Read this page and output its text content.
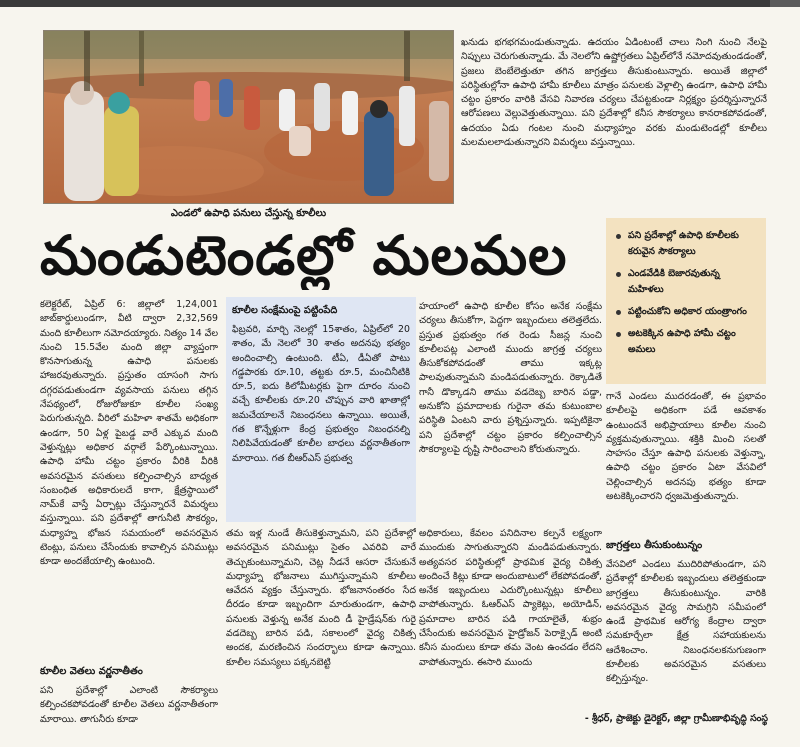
ఎండలో ఉపాధి పనులు చేస్తున్న కూలీలు

ఖనుడు భగభగమండుతున్నాడు. ఉదయం ఏడింటంటే చాలు నింగి నుంచి నేలపై నిప్పులు చెరుగుతున్నాడు. మే నెలలోని ఉష్ణోగ్రతలు ఏప్రిల్‌లోనే నమోదవుతుండడంతో, ప్రజలు బెంబేలెత్తుతూ తగిన జాగ్రత్తలు తీసుకుంటున్నారు. అయితే జిల్లాలో పరిస్థితుల్లోనా ఉపాధి హామీ కూలీలు మాత్రం పనులకు వెళ్లాల్సి ఉండగా, ఉపాధి హామీ చట్టం ప్రకారం వారికి వేసవి నివారణ చర్యలు చేపట్టకుండా నిర్లక్ష్యం ప్రదర్శిస్తున్నారనే ఆరోపణలు వెల్లువెత్తుతున్నాయి. పని ప్రదేశాల్లో కనీస సౌకర్యాలు కానరాకపోవడంతో, ఉదయం ఏడు గంటల నుంచి మధ్యాహ్నం వరకు మండుటెండల్లో కూలీలు మలమలలాడుతున్నారని విమర్శలు వస్తున్నాయి.

మండుటెండల్లో మలమల	పని ప్రదేశాల్లో ఉపాధి కూలీలకు కరువైన సౌకర్యాలు
ఎండవేడికి బెజారవుతున్న మహిళలు
పట్టించుకోని అధికార యంత్రాంగం
అటకెక్కిన ఉపాధి హామీ చట్టం అమలు

కలెక్టరేట్, ఏప్రిల్ 6: జిల్లాలో 1,24,001 జాబ్‌కార్డులుండగా, వీటి ద్వారా 2,32,569 మంది కూలీలుగా నమోదయ్యారు. నిత్యం 14 వేల నుంచి 15.5వేల మంది జిల్లా వ్యాప్తంగా కొనసాగుతున్న ఉపాధి పనులకు హాజరవుతున్నారు. ప్రస్తుతం యాసంగి సాగు దగ్గరపడుతుండగా వ్యవసాయ పనులు తగ్గిన నేపథ్యంలో, రోజురోజుకూ కూలీల సంఖ్య పెరుగుతున్నది. వీరిలో మహిళా శాతమే అధికంగా ఉండగా, 50 ఏళ్ల పైబడ్డ వారే ఎక్కువ మంది వెళ్తున్నట్లు అధికార వర్గాలే పేర్కొంటున్నాయి. ఉపాధి హామీ చట్టం ప్రకారం వీరికి వీరికి అవసరమైన వసతులు కల్పించాల్సిన బాధ్యత సంబంధిత అధికారులదే కాగా, క్షేత్రస్థాయిలో నామ్‌కే వాస్తే ఏర్పాట్లు చేస్తున్నారనే విమర్శలు వస్తున్నాయి. పని ప్రదేశాల్లో తాగునీటి సౌకర్యం, మధ్యాహ్న భోజన సమయంలో అవసరమైన టెంట్లు, పనులు చేసేందుకు కావాల్సిన పనిముట్లు కూడా అందజేయాల్సి ఉంటుంది.

కూలీల వెతలు వర్ణనాతీతం

పని ప్రదేశాల్లో ఎలాంటి సౌకర్యాలు కల్పించకపోవడంతో కూలీల వెతలు వర్ణనాతీతంగా మారాయి. తాగునీరు కూడా

కూలీల సంక్షేమంపై పట్టింపేది

ఫిబ్రవరి, మార్చి నెలల్లో 15శాతం, ఏప్రిల్‌లో 20 శాతం, మే నెలలో 30 శాతం అదనపు భత్యం అందించాల్సి ఉంటుంది. టీఏ, డీఏతో పాటు గడ్డపారకు రూ.10, తట్టకు రూ.5, మంచినీటికి రూ.5, ఐదు కిలోమీటర్లకు పైగా దూరం నుంచి వచ్చే కూలీలకు రూ.20 చొప్పున వారి ఖాతాల్లో జమచేయాలనే నిబంధనలు ఉన్నాయి. అయితే, గత కొన్నేళ్లుగా కేంద్ర ప్రభుత్వం నిబంధనల్ని నిలిపివేయడంతో కూలీల బాధలు వర్ణనాతీతంగా మారాయి. గత బీఆర్ఎస్ ప్రభుత్వ

తమ ఇళ్ల నుండే తీసుకెళ్తున్నామని, పని ప్రదేశాల్లో అవసరమైన పనిముట్లు సైతం ఎవరివి వారే తెచ్చుకుంటున్నామని, చెట్ల నీడనే ఆసరా చేసుకునే మధ్యాహ్న భోజనాలు ముగిస్తున్నామని కూలీలు ఆవేదన వ్యక్తం చేస్తున్నారు. భోజనానంతరం సేద దీరడం కూడా ఇబ్బందిగా మారుతుండగా, ఉపాధి పనులకు వెళ్తున్న అనేక మంది డీ హైడ్రేషన్‌కు గురై వడదెబ్బ బారిన పడి, సకాలంలో వైద్య చికిత్స అందక, మరణించిన సందర్భాలు కూడా ఉన్నాయి. కూలీల సమస్యలు పక్కనబెట్టి

హయాంలో ఉపాధి కూలీల కోసం అనేక సంక్షేమ చర్యలు తీసుకోగా, పెద్దగా ఇబ్బందులు తలెత్తలేదు. ప్రస్తుత ప్రభుత్వం గత రెండు సీజన్ల నుంచి కూలీలపట్ల ఎలాంటి ముందు జాగ్రత్త చర్యలు తీసుకోకపోవడంతో తాము ఇక్కట్ల పాలవుతున్నామని మండిపడుతున్నారు. రెక్కాడితే గానీ డొక్కాడని తాము వడదెబ్బ బారిన పడ్డా, అనుకోని ప్రమాదాలకు గురైనా తమ కుటుంబాల పరిస్థితి ఏంటని వారు ప్రశ్నిస్తున్నారు. ఇప్పటికైనా పని ప్రదేశాల్లో చట్టం ప్రకారం కల్పించాల్సిన సౌకర్యాలపై దృష్టి సారించాలని కోరుతున్నారు.

అధికారులు, కేవలం పనిదినాల కల్పనే లక్ష్యంగా ముందుకు సాగుతున్నారని మండిపడుతున్నారు. అత్యవసర పరిస్థితుల్లో ప్రాథమిక వైద్య చికిత్స అందించే కిట్లు కూడా అందుబాటులో లేకపోవడంతో, అనేక ఇబ్బందులు ఎదుర్కొంటున్నట్లు కూలీలు వాపోతున్నారు. ఓఆర్ఎస్ ప్యాకెట్లు, అయోడిన్, ప్రమాదాల బారిన పడి గాయాలైతే, శుభ్రం చేసేందుకు అవసరమైన హైడ్రోజన్ పెరాక్సైడ్ అంటి కనీస మందులు కూడా తమ వెంట ఉంచడం లేదని వాపోతున్నారు. ఈసారి ముందు

గానే ఎండలు ముదరడంతో, ఈ ప్రభావం కూలీలపై అధికంగా పడే ఆవకాశం ఉంటుందనే అభిప్రాయాలు కూలీల నుంచి వ్యక్తమవుతున్నాయి. శక్తికి మించి సలతో సాహసం చేస్తూ ఉపాధి పనులకు వెళ్తున్నా, ఉపాధి చట్టం ప్రకారం ఏటా వేసవిలో చెల్లించాల్సిన అదనపు భత్యం కూడా అటకెక్కించారని ధ్వజమెత్తుతున్నారు.

జాగ్రత్తలు తీసుకుంటున్నం

వేసవిలో ఎండలు ముదిరిపోతుండగా, పని ప్రదేశాల్లో కూలీలకు ఇబ్బందులు తలెత్తకుండా జాగ్రత్తలు తీసుకుంటున్నం. వారికి అవసరమైన వైద్య సామగ్రిని సమీపంలో ఉండే ప్రాథమిక ఆరోగ్య కేంద్రాల ద్వారా సమకూర్చేలా క్షేత్ర సహాయకులను ఆదేశించాం. నిబంధనలకనుగుణంగా కూలీలకు అవసరమైన వసతులు కల్పిస్తున్నం.

- శ్రీధర్, ప్రాజెక్టు డైరెక్టర్, జిల్లా గ్రామీణాభివృద్ధి సంస్థ
